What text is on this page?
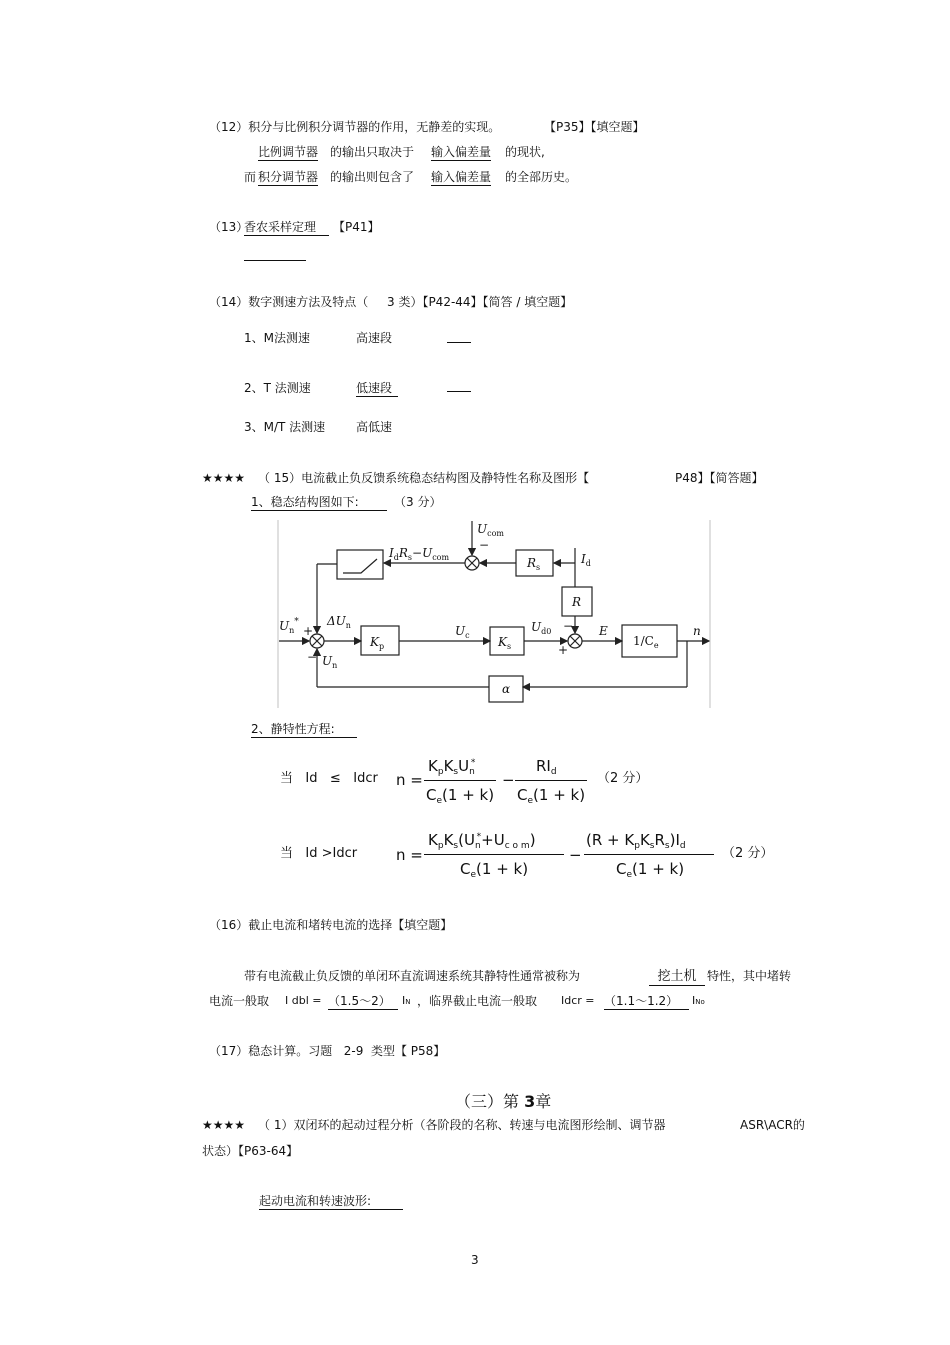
（12）积分与比例积分调节器的作用，无静差的实现。	【P35】【填空题】
比例调节器 的输出只取决于 输入偏差量 的现状,
而 积分调节器 的输出则包含了 输入偏差量 的全部历史。
（13）
香农采样定理	【P41】
（14）数字测速方法及特点（ 3 类）【P42-44】【简答 / 填空题】
1、M法测速	高速段
2、T 法测速	低速段
3、M/T 法测速	高低速
★★★★ （ 15）电流截止负反馈系统稳态结构图及静特性名称及图形【	P48】【简答题】
1、稳态结构图如下:	（3 分）
$U_{com}$
−
$I_dR_s-U_{com}$	$R_s$
$I_d$
R
$U_n^*$
+
−
$\Delta U_n$
$K_p$
$U_c$ $K_s$
$U_{d0}$ −
+
E
$1/C_e$
n
$U_n$
α
2、静特性方程:
当 Id ≤ Idcr n =
$K_pK_sU_n^*$
$C_e(1 + k)$
−
$RI_d$
$C_e(1 + k)$
（2 分）
当 Id >Idcr	n =
$K_pK_s(U_n^*+U_{c o m})$
$C_e(1 + k)$
−
$(R + K_pK_sR_s)I_d$
$C_e(1 + k)$
（2 分）
（16）截止电流和堵转电流的选择【填空题】
带有电流截止负反馈的单闭环直流调速系统其静特性通常被称为	挖土机 特性，其中堵转
电流一般取 I dbl = （1.5～2）	IN ，临界截止电流一般取 Idcr = （1.1～1.2）	INo
（17）稳态计算。习题 2-9 类型【 P58】
（三）第 3章
★★★★ （ 1）双闭环的起动过程分析（各阶段的名称、转速与电流图形绘制、调节器	ASR\ACR的
状态）【P63-64】
起动电流和转速波形:
3
